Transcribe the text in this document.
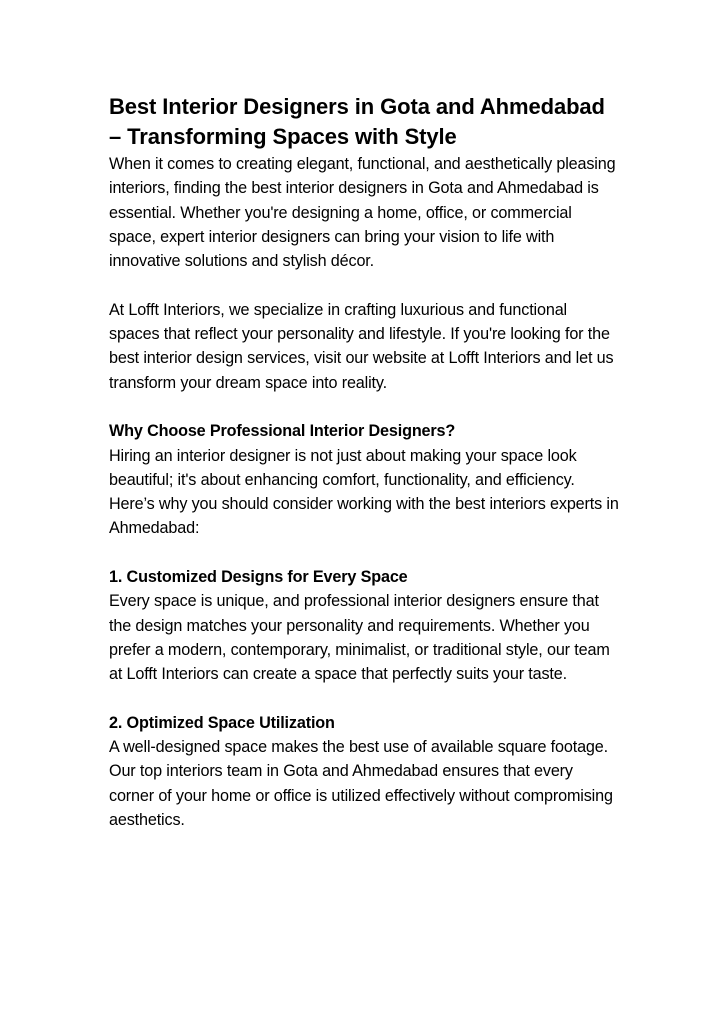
Best Interior Designers in Gota and Ahmedabad – Transforming Spaces with Style

When it comes to creating elegant, functional, and aesthetically pleasing interiors, finding the best interior designers in Gota and Ahmedabad is essential. Whether you're designing a home, office, or commercial space, expert interior designers can bring your vision to life with innovative solutions and stylish décor.

At Lofft Interiors, we specialize in crafting luxurious and functional spaces that reflect your personality and lifestyle. If you're looking for the best interior design services, visit our website at Lofft Interiors and let us transform your dream space into reality.

Why Choose Professional Interior Designers?

Hiring an interior designer is not just about making your space look beautiful; it's about enhancing comfort, functionality, and efficiency. Here’s why you should consider working with the best interiors experts in Ahmedabad:

1. Customized Designs for Every Space

Every space is unique, and professional interior designers ensure that the design matches your personality and requirements. Whether you prefer a modern, contemporary, minimalist, or traditional style, our team at Lofft Interiors can create a space that perfectly suits your taste.

2. Optimized Space Utilization

A well-designed space makes the best use of available square footage. Our top interiors team in Gota and Ahmedabad ensures that every corner of your home or office is utilized effectively without compromising aesthetics.
